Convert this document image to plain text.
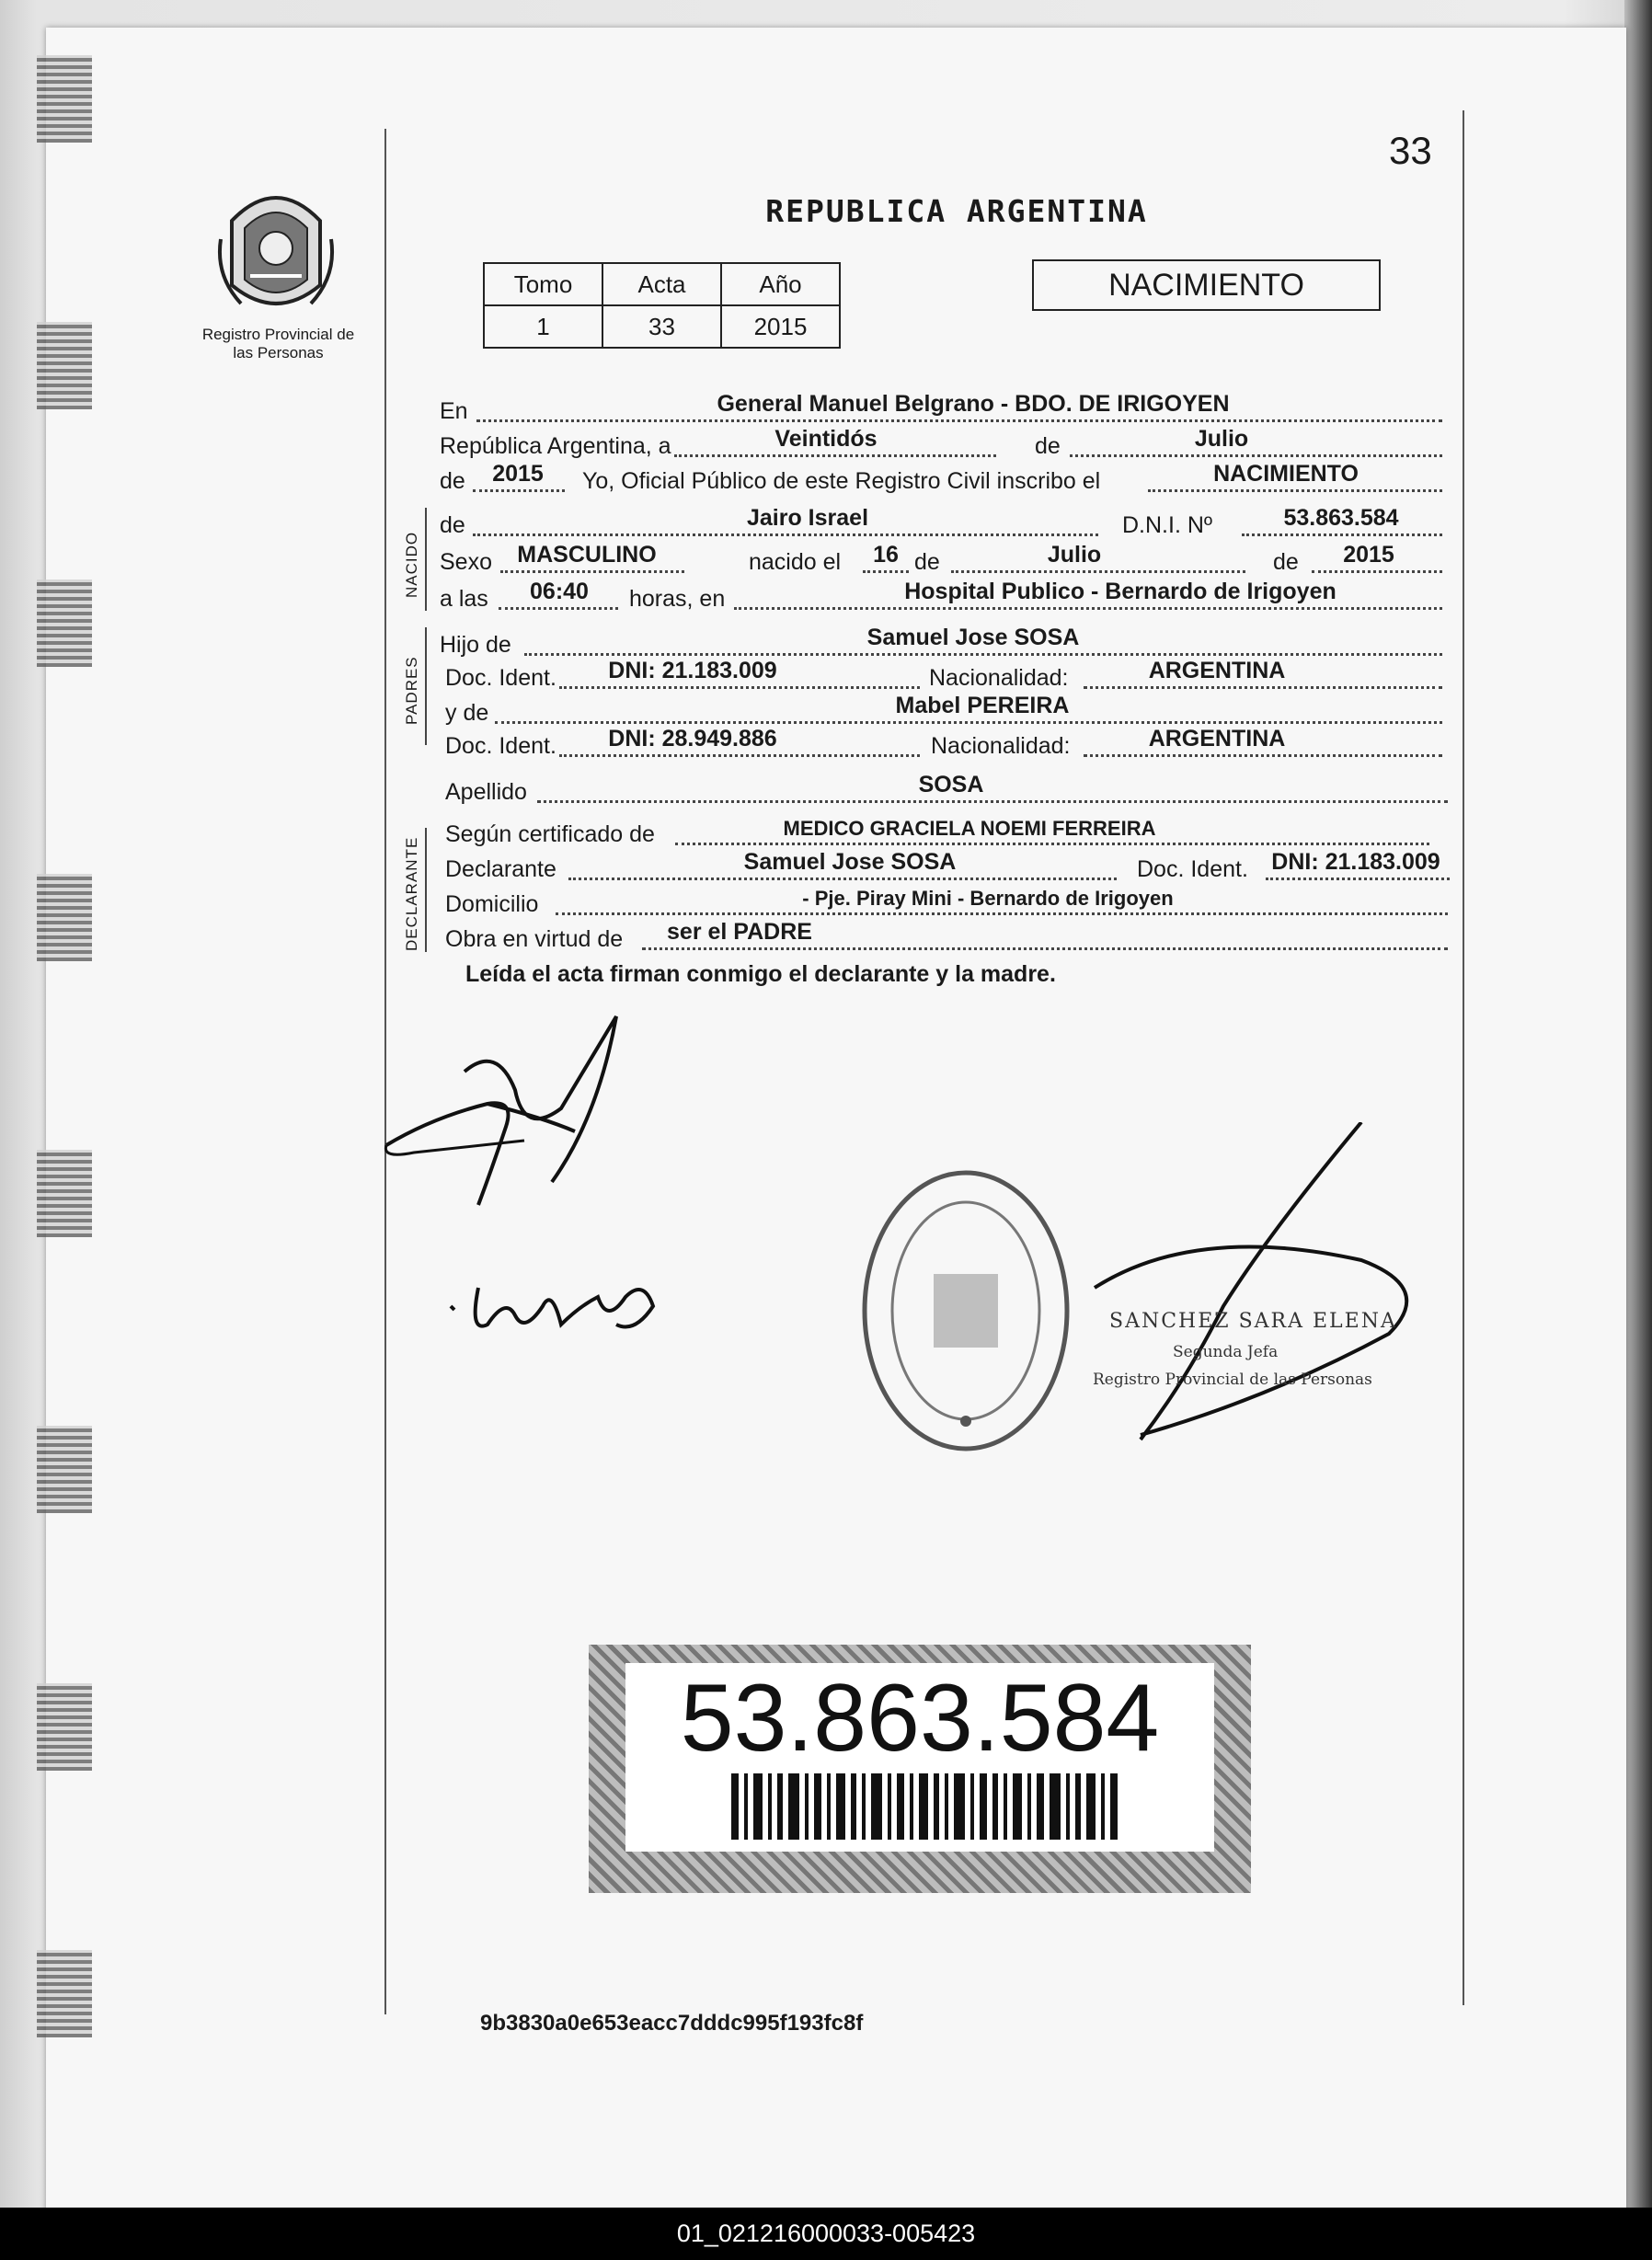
33
Registro Provincial de las Personas
REPUBLICA ARGENTINA
Tomo	Acta	Año
1	33	2015
NACIMIENTO
En	General Manuel Belgrano - BDO. DE IRIGOYEN
República Argentina, a	Veintidós	de	Julio
de	2015	Yo, Oficial Público de este Registro Civil inscribo el	NACIMIENTO
NACIDO
de	Jairo Israel	D.N.I. Nº	53.863.584
Sexo	MASCULINO	nacido el	16 de	Julio	de	2015
a las	06:40	horas, en	Hospital Publico - Bernardo de Irigoyen
PADRES
Hijo de	Samuel Jose SOSA
Doc. Ident.	DNI: 21.183.009	Nacionalidad:	ARGENTINA
y de	Mabel PEREIRA
Doc. Ident.	DNI: 28.949.886	Nacionalidad:	ARGENTINA
Apellido	SOSA
DECLARANTE
Según certificado de	MEDICO GRACIELA NOEMI FERREIRA
Declarante	Samuel Jose SOSA	Doc. Ident.	DNI: 21.183.009
Domicilio	- Pje. Piray Mini - Bernardo de Irigoyen
Obra en virtud de	ser el PADRE
Leída el acta firman conmigo el declarante y la madre.
SANCHEZ SARA ELENA
Segunda Jefa
Registro Provincial de las Personas
53.863.584
9b3830a0e653eacc7dddc995f193fc8f
01_021216000033-005423
